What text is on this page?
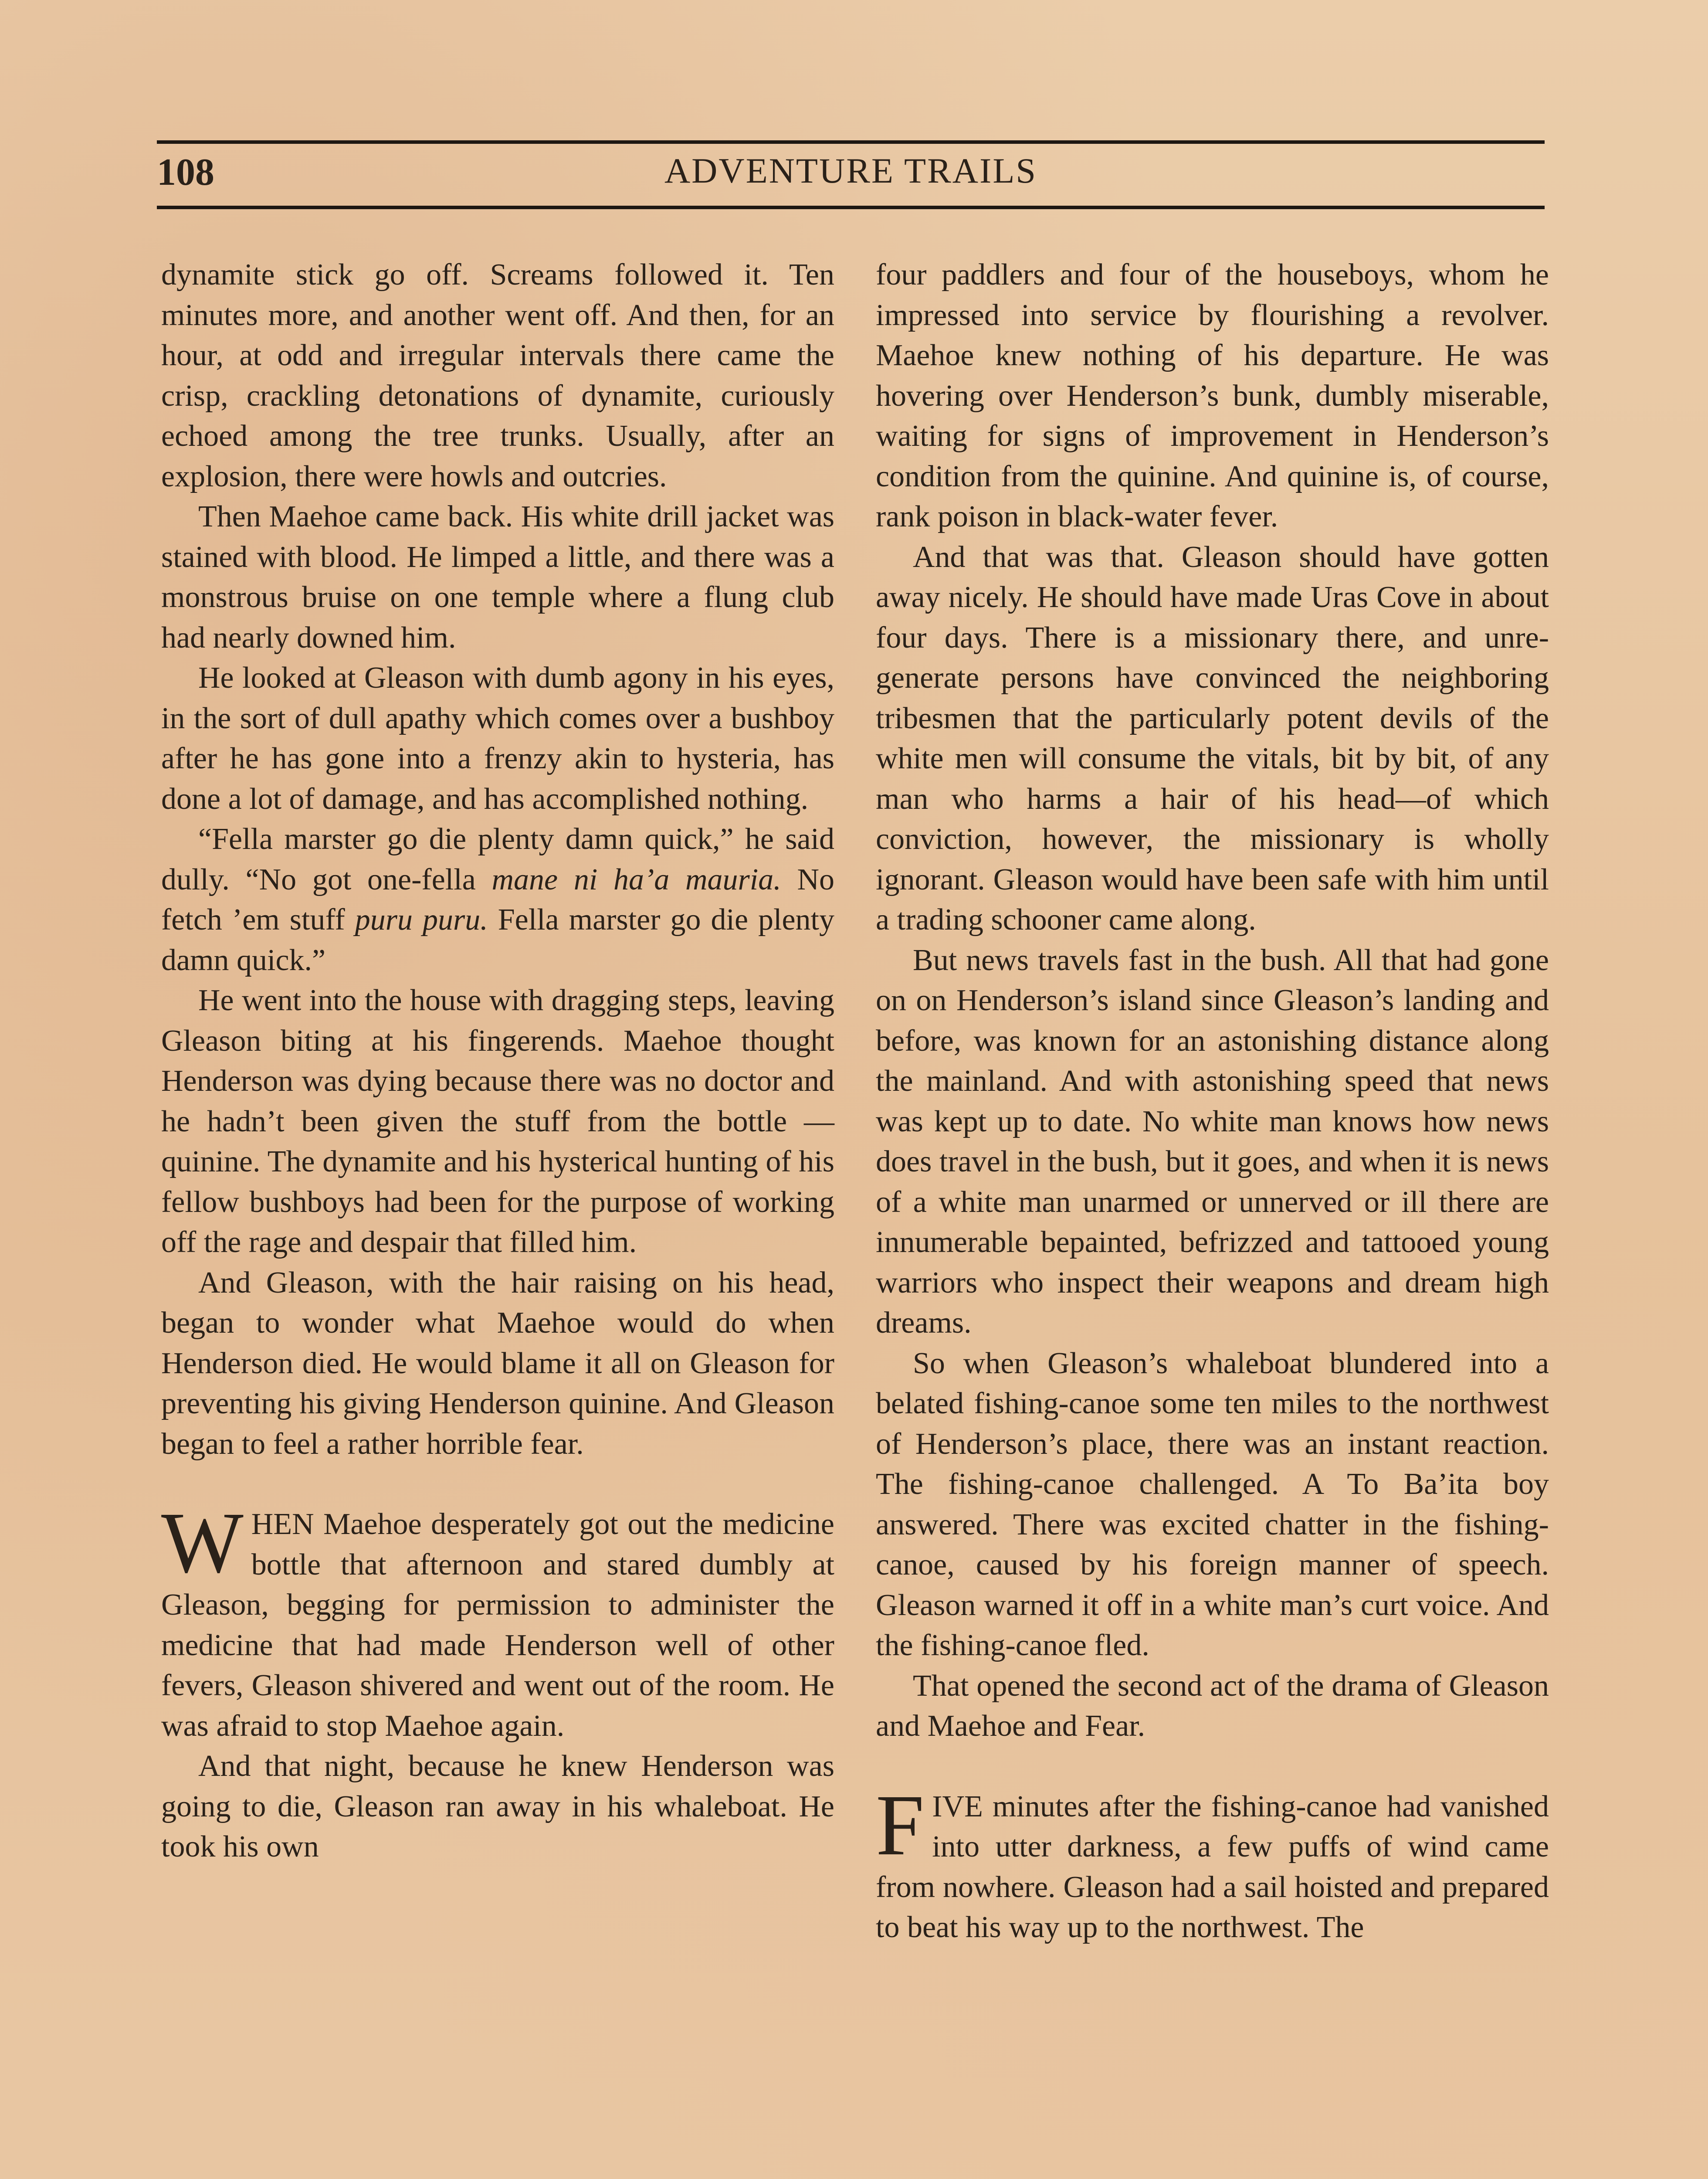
108	ADVENTURE TRAILS

dynamite stick go off. Screams followed it. Ten minutes more, and another went off. And then, for an hour, at odd and irregular intervals there came the crisp, crackling detonations of dynamite, curiously echoed among the tree trunks. Usually, after an explosion, there were howls and outcries.

Then Maehoe came back. His white drill jacket was stained with blood. He limped a little, and there was a monstrous bruise on one temple where a flung club had nearly downed him.

He looked at Gleason with dumb agony in his eyes, in the sort of dull apathy which comes over a bushboy after he has gone into a frenzy akin to hysteria, has done a lot of damage, and has accomplished nothing.

“Fella marster go die plenty damn quick,” he said dully. “No got one-fella mane ni ha’a mauria. No fetch ’em stuff puru puru. Fella marster go die plenty damn quick.”

He went into the house with dragging steps, leaving Gleason biting at his fingerends. Maehoe thought Henderson was dying because there was no doctor and he hadn’t been given the stuff from the bottle —quinine. The dynamite and his hysterical hunting of his fellow bushboys had been for the purpose of working off the rage and despair that filled him.

And Gleason, with the hair raising on his head, began to wonder what Maehoe would do when Henderson died. He would blame it all on Gleason for preventing his giving Henderson quinine. And Gleason began to feel a rather horrible fear.

WHEN Maehoe desperately got out the medicine bottle that afternoon and stared dumbly at Gleason, begging for permission to administer the medicine that had made Henderson well of other fevers, Gleason shivered and went out of the room. He was afraid to stop Maehoe again.

And that night, because he knew Henderson was going to die, Gleason ran away in his whaleboat. He took his own

four paddlers and four of the houseboys, whom he impressed into service by flourishing a revolver. Maehoe knew nothing of his departure. He was hovering over Henderson’s bunk, dumbly miserable, waiting for signs of improvement in Henderson’s condition from the quinine. And quinine is, of course, rank poison in black-water fever.

And that was that. Gleason should have gotten away nicely. He should have made Uras Cove in about four days. There is a missionary there, and unregenerate persons have convinced the neighboring tribesmen that the particularly potent devils of the white men will consume the vitals, bit by bit, of any man who harms a hair of his head—of which conviction, however, the missionary is wholly ignorant. Gleason would have been safe with him until a trading schooner came along.

But news travels fast in the bush. All that had gone on on Henderson’s island since Gleason’s landing and before, was known for an astonishing distance along the mainland. And with astonishing speed that news was kept up to date. No white man knows how news does travel in the bush, but it goes, and when it is news of a white man unarmed or unnerved or ill there are innumerable bepainted, befrizzed and tattooed young warriors who inspect their weapons and dream high dreams.

So when Gleason’s whaleboat blundered into a belated fishing-canoe some ten miles to the northwest of Henderson’s place, there was an instant reaction. The fishing-canoe challenged. A To Ba’ita boy answered. There was excited chatter in the fishing-canoe, caused by his foreign manner of speech. Gleason warned it off in a white man’s curt voice. And the fishing-canoe fled.

That opened the second act of the drama of Gleason and Maehoe and Fear.

FIVE minutes after the fishing-canoe had vanished into utter darkness, a few puffs of wind came from nowhere. Gleason had a sail hoisted and prepared to beat his way up to the northwest. The
